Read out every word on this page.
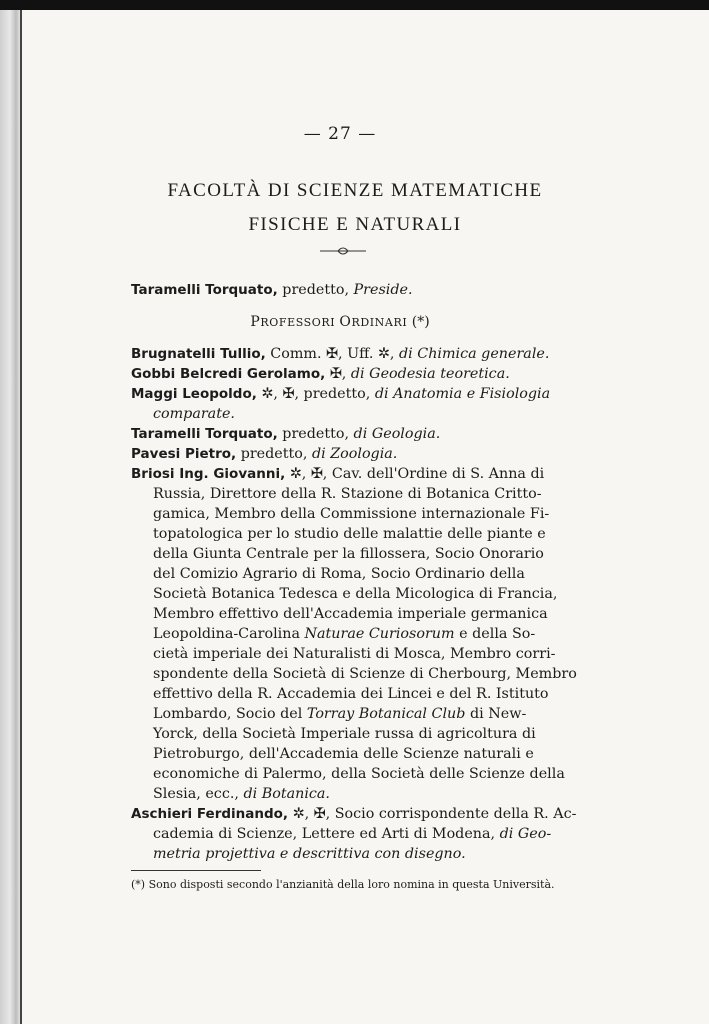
— 27 —
FACOLTÀ DI SCIENZE MATEMATICHE
FISICHE E NATURALI
Taramelli Torquato, predetto, Preside.
PROFESSORI ORDINARI (*)
Brugnatelli Tullio, Comm. ✠, Uff. ✲, di Chimica generale.
Gobbi Belcredi Gerolamo, ✠, di Geodesia teoretica.
Maggi Leopoldo, ✲, ✠, predetto, di Anatomia e Fisiologia
comparate.
Taramelli Torquato, predetto, di Geologia.
Pavesi Pietro, predetto, di Zoologia.
Briosi Ing. Giovanni, ✲, ✠, Cav. dell'Ordine di S. Anna di
Russia, Direttore della R. Stazione di Botanica Critto-
gamica, Membro della Commissione internazionale Fi-
topatologica per lo studio delle malattie delle piante e
della Giunta Centrale per la fillossera, Socio Onorario
del Comizio Agrario di Roma, Socio Ordinario della
Società Botanica Tedesca e della Micologica di Francia,
Membro effettivo dell'Accademia imperiale germanica
Leopoldina-Carolina Naturae Curiosorum e della So-
cietà imperiale dei Naturalisti di Mosca, Membro corri-
spondente della Società di Scienze di Cherbourg, Membro
effettivo della R. Accademia dei Lincei e del R. Istituto
Lombardo, Socio del Torray Botanical Club di New-
Yorck, della Società Imperiale russa di agricoltura di
Pietroburgo, dell'Accademia delle Scienze naturali e
economiche di Palermo, della Società delle Scienze della
Slesia, ecc., di Botanica.
Aschieri Ferdinando, ✲, ✠, Socio corrispondente della R. Ac-
cademia di Scienze, Lettere ed Arti di Modena, di Geo-
metria projettiva e descrittiva con disegno.
(*) Sono disposti secondo l'anzianità della loro nomina in questa Università.
